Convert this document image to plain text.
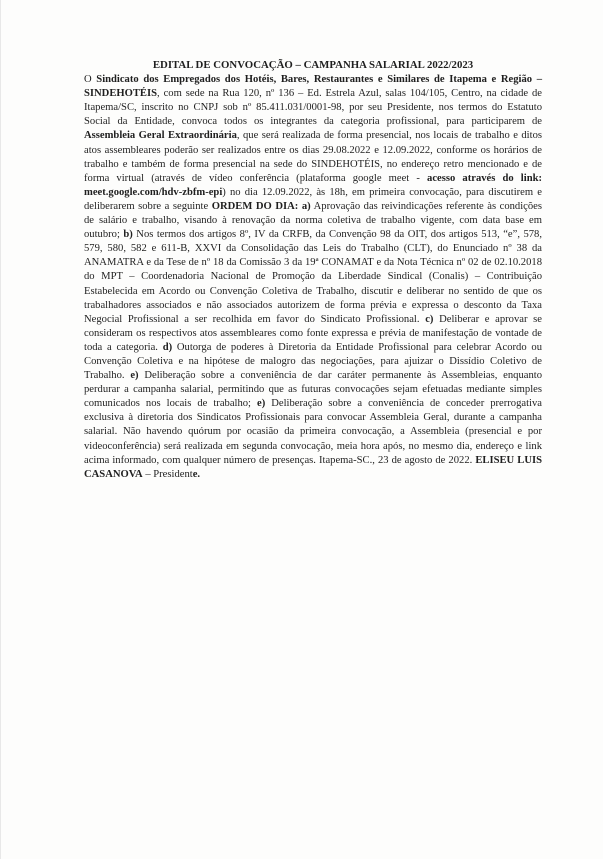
EDITAL DE CONVOCAÇÃO – CAMPANHA SALARIAL 2022/2023

O Sindicato dos Empregados dos Hotéis, Bares, Restaurantes e Similares de Itapema e Região – SINDEHOTÉIS, com sede na Rua 120, nº 136 – Ed. Estrela Azul, salas 104/105, Centro, na cidade de Itapema/SC, inscrito no CNPJ sob nº 85.411.031/0001-98, por seu Presidente, nos termos do Estatuto Social da Entidade, convoca todos os integrantes da categoria profissional, para participarem de Assembleia Geral Extraordinária, que será realizada de forma presencial, nos locais de trabalho e ditos atos assembleares poderão ser realizados entre os dias 29.08.2022 e 12.09.2022, conforme os horários de trabalho e também de forma presencial na sede do SINDEHOTÉIS, no endereço retro mencionado e de forma virtual (através de vídeo conferência (plataforma google meet - acesso através do link: meet.google.com/hdv-zbfm-epi) no dia 12.09.2022, às 18h, em primeira convocação, para discutirem e deliberarem sobre a seguinte ORDEM DO DIA: a) Aprovação das reivindicações referente às condições de salário e trabalho, visando à renovação da norma coletiva de trabalho vigente, com data base em outubro; b) Nos termos dos artigos 8º, IV da CRFB, da Convenção 98 da OIT, dos artigos 513, “e”, 578, 579, 580, 582 e 611-B, XXVI da Consolidação das Leis do Trabalho (CLT), do Enunciado nº 38 da ANAMATRA e da Tese de nº 18 da Comissão 3 da 19ª CONAMAT e da Nota Técnica nº 02 de 02.10.2018 do MPT – Coordenadoria Nacional de Promoção da Liberdade Sindical (Conalis) – Contribuição Estabelecida em Acordo ou Convenção Coletiva de Trabalho, discutir e deliberar no sentido de que os trabalhadores associados e não associados autorizem de forma prévia e expressa o desconto da Taxa Negocial Profissional a ser recolhida em favor do Sindicato Profissional. c) Deliberar e aprovar se consideram os respectivos atos assembleares como fonte expressa e prévia de manifestação de vontade de toda a categoria. d) Outorga de poderes à Diretoria da Entidade Profissional para celebrar Acordo ou Convenção Coletiva e na hipótese de malogro das negociações, para ajuizar o Dissídio Coletivo de Trabalho. e) Deliberação sobre a conveniência de dar caráter permanente às Assembleias, enquanto perdurar a campanha salarial, permitindo que as futuras convocações sejam efetuadas mediante simples comunicados nos locais de trabalho; e) Deliberação sobre a conveniência de conceder prerrogativa exclusiva à diretoria dos Sindicatos Profissionais para convocar Assembleia Geral, durante a campanha salarial. Não havendo quórum por ocasião da primeira convocação, a Assembleia (presencial e por videoconferência) será realizada em segunda convocação, meia hora após, no mesmo dia, endereço e link acima informado, com qualquer número de presenças. Itapema-SC., 23 de agosto de 2022. ELISEU LUIS CASANOVA – Presidente.
